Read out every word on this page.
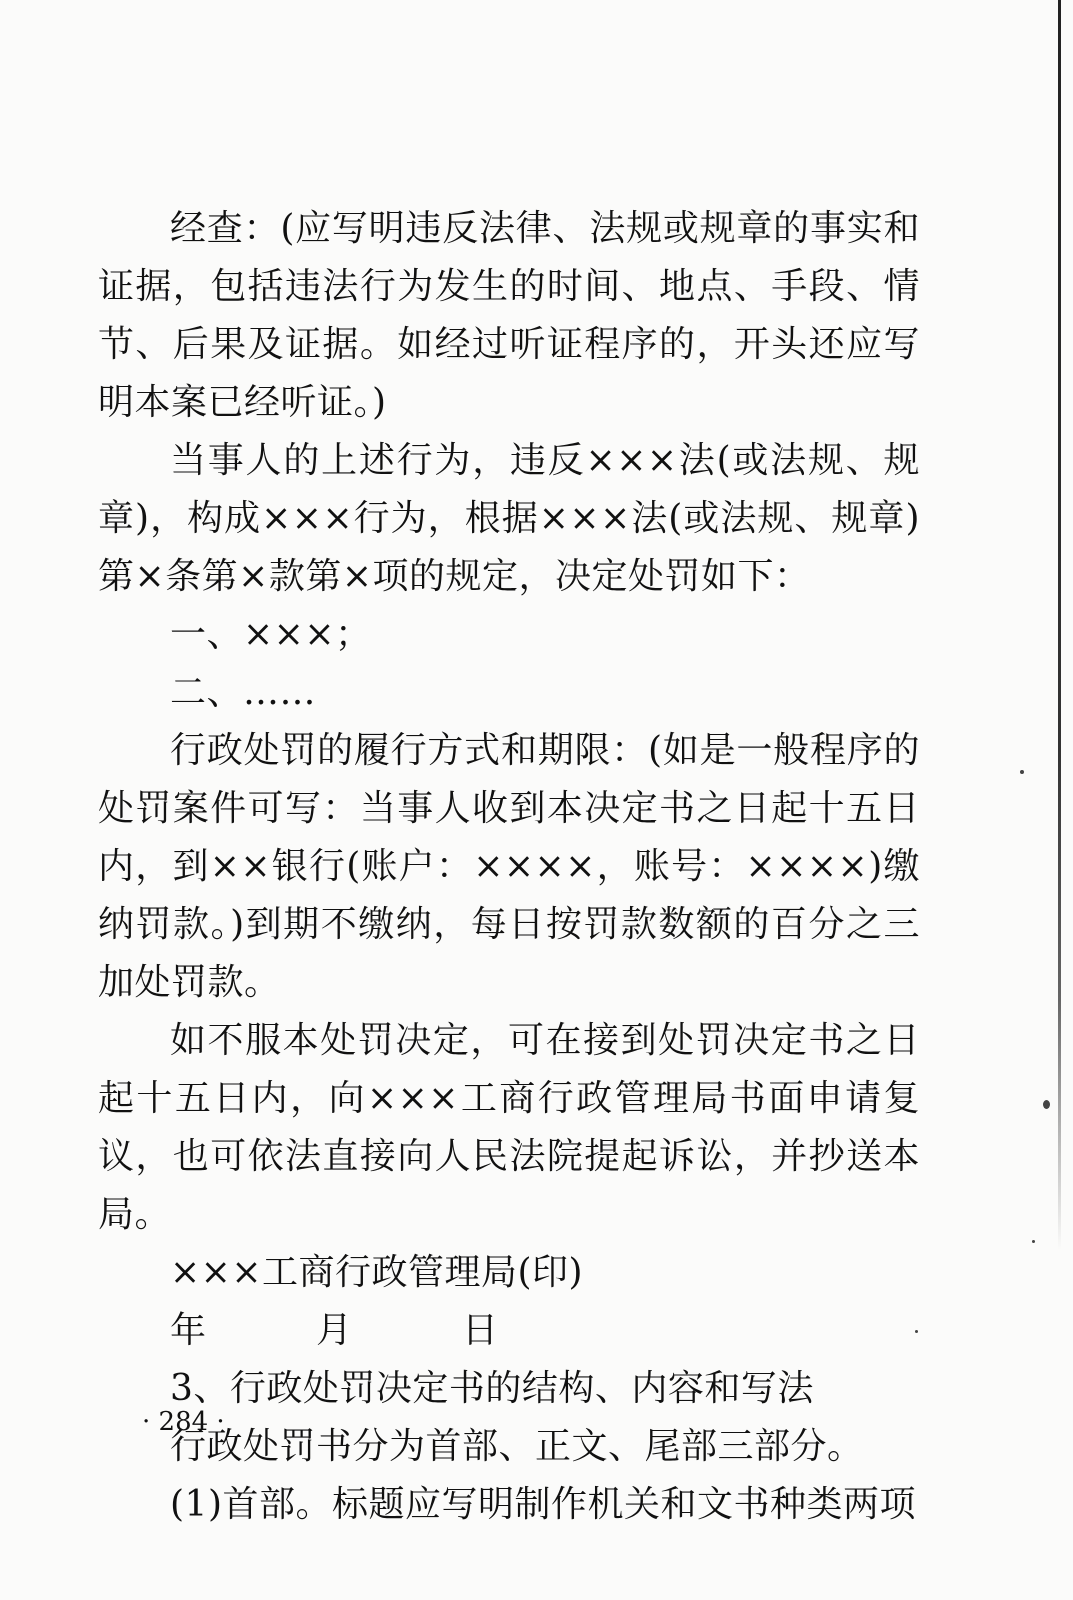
经查：(应写明违反法律、法规或规章的事实和证据，包括违法行为发生的时间、地点、手段、情节、后果及证据。如经过听证程序的，开头还应写明本案已经听证。)

当事人的上述行为，违反×××法(或法规、规章)，构成×××行为，根据×××法(或法规、规章)第×条第×款第×项的规定，决定处罚如下：

一、×××；

二、……

行政处罚的履行方式和期限：(如是一般程序的处罚案件可写：当事人收到本决定书之日起十五日内，到××银行(账户：××××，账号：××××)缴纳罚款。)到期不缴纳，每日按罚款数额的百分之三加处罚款。

如不服本处罚决定，可在接到处罚决定书之日起十五日内，向×××工商行政管理局书面申请复议，也可依法直接向人民法院提起诉讼，并抄送本局。

×××工商行政管理局(印)

年　　　月　　　日

3、行政处罚决定书的结构、内容和写法

行政处罚书分为首部、正文、尾部三部分。

(1)首部。标题应写明制作机关和文书种类两项

· 284 ·
